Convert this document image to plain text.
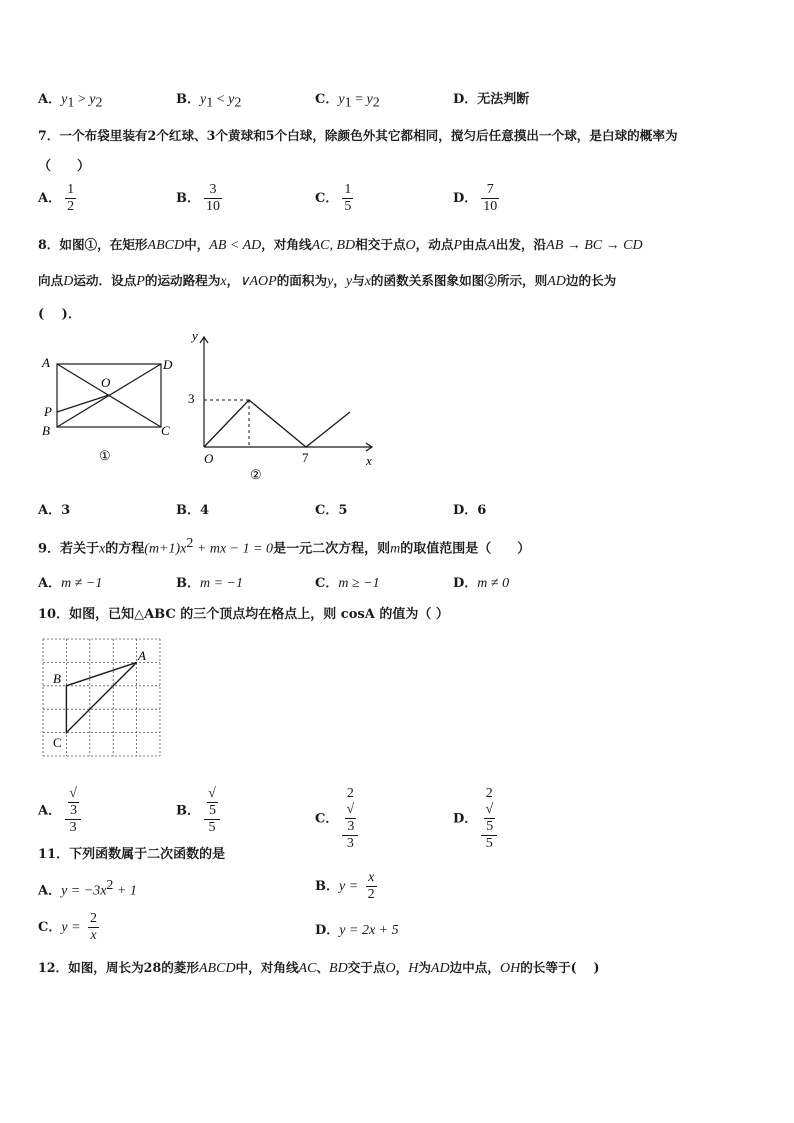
A．$y_1 > y_2$	B．$y_1 < y_2$	C．$y_1 = y_2$	D．无法判断
7．一个布袋里装有2个红球、3个黄球和5个白球，除颜色外其它都相同，搅匀后任意摸出一个球，是白球的概率为
（　　）
A． $\frac{1}{2}$	B． $\frac{3}{10}$	C． $\frac{1}{5}$	D． $\frac{7}{10}$
8．如图①，在矩形ABCD中，AB < AD，对角线AC, BD相交于点O，动点P由点A出发，沿AB → BC → CD
向点D运动．设点P的运动路程为x，∨AOP的面积为y，y与x的函数关系图象如图②所示，则AD边的长为
(　 )．
A	D
B	C
O
P
①
y
x
O
3
7
②
A．3	B．4	C．5	D．6
9．若关于x的方程$(m+1)x^2$ + mx − 1 = 0是一元二次方程，则m的取值范围是（　　）
A．m ≠ −1	B．m = −1	C．m ≥ −1	D．m ≠ 0
10．如图，已知△ABC 的三个顶点均在格点上，则 cosA 的值为（ ）
A
B
C
A． √
3
3	B． √
5
5	C． 2
√
3
3	D． 2
√
5
5
11．下列函数属于二次函数的是
A．$y = -3x^2 + 1$	B．$y = \frac{x}{2}$
C．$y = \frac{2}{x}$	D．y = 2x + 5
12．如图，周长为28的菱形ABCD中，对角线AC、BD交于点O，H为AD边中点，OH的长等于(　 )
